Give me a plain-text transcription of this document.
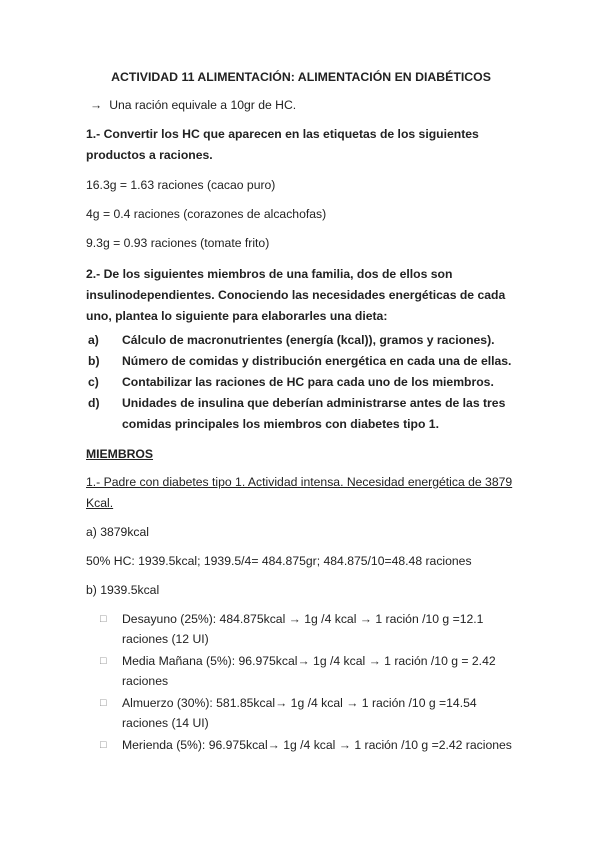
ACTIVIDAD 11 ALIMENTACIÓN: ALIMENTACIÓN EN DIABÉTICOS

→ Una ración equivale a 10gr de HC.

1.- Convertir los HC que aparecen en las etiquetas de los siguientes productos a raciones.

16.3g = 1.63 raciones (cacao puro)

4g = 0.4 raciones (corazones de alcachofas)

9.3g = 0.93 raciones (tomate frito)

2.- De los siguientes miembros de una familia, dos de ellos son insulinodependientes. Conociendo las necesidades energéticas de cada uno, plantea lo siguiente para elaborarles una dieta:

a)	Cálculo de macronutrientes (energía (kcal)), gramos y raciones).
b)	Número de comidas y distribución energética en cada una de ellas.
c)	Contabilizar las raciones de HC para cada uno de los miembros.
d)	Unidades de insulina que deberían administrarse antes de las tres comidas principales los miembros con diabetes tipo 1.

MIEMBROS

1.- Padre con diabetes tipo 1. Actividad intensa. Necesidad energética de 3879 Kcal.

a) 3879kcal

50% HC: 1939.5kcal; 1939.5/4= 484.875gr; 484.875/10=48.48 raciones

b) 1939.5kcal

□	Desayuno (25%): 484.875kcal → 1g /4 kcal → 1 ración /10 g =12.1 raciones (12 UI)
□	Media Mañana (5%): 96.975kcal→ 1g /4 kcal → 1 ración /10 g = 2.42 raciones
□	Almuerzo (30%): 581.85kcal→ 1g /4 kcal → 1 ración /10 g =14.54 raciones (14 UI)
□	Merienda (5%): 96.975kcal→ 1g /4 kcal → 1 ración /10 g =2.42 raciones
